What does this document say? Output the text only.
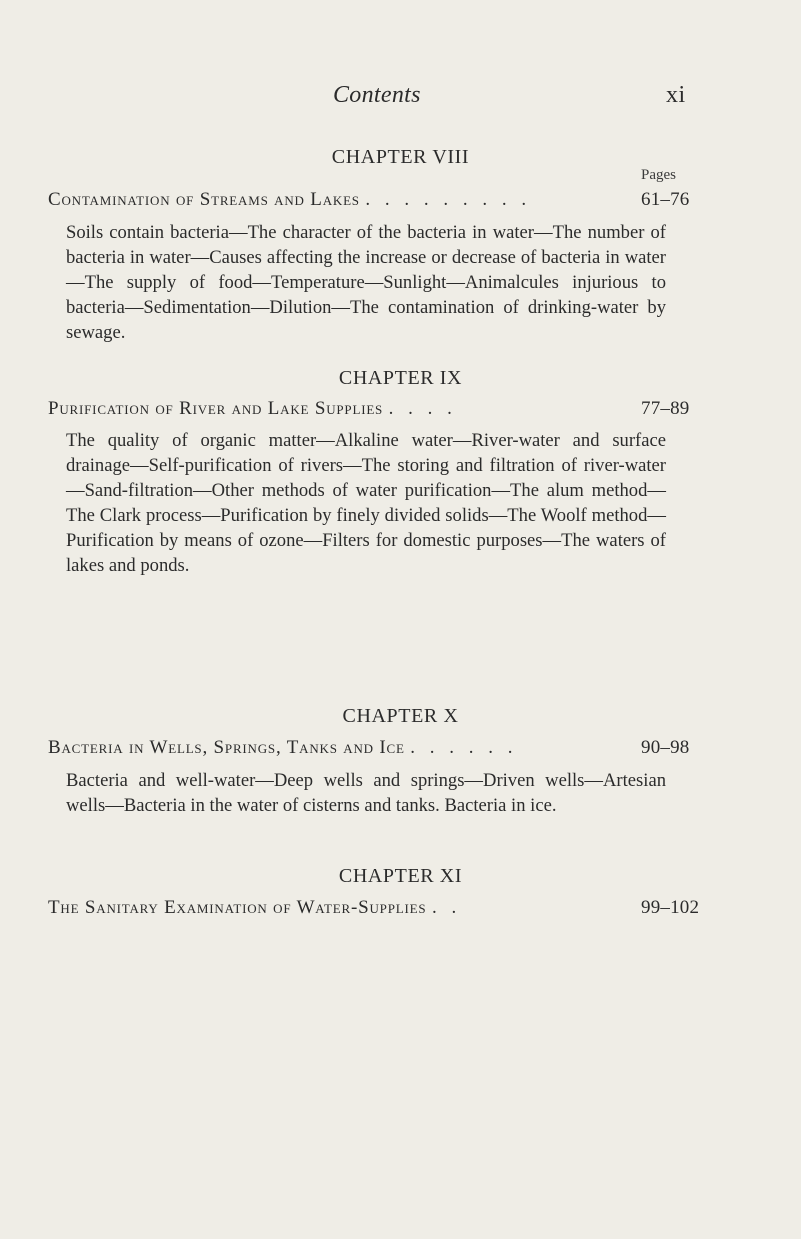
Contents	xi
CHAPTER VIII
Pages
Contamination of Streams and Lakes . . . . . . . . .	61–76
Soils contain bacteria—The character of the bacteria in water—The number of bacteria in water—Causes affecting the increase or decrease of bacteria in water—The supply of food—Temperature—Sunlight—Animalcules injurious to bacteria—Sedimentation—Dilution—The contamination of drinking-water by sewage.
CHAPTER IX
Purification of River and Lake Supplies . . . .	77–89
The quality of organic matter—Alkaline water—River-water and surface drainage—Self-purification of rivers—The storing and filtration of river-water—Sand-filtration—Other methods of water purification—The alum method—The Clark process—Purification by finely divided solids—The Woolf method—Purification by means of ozone—Filters for domestic purposes—The waters of lakes and ponds.
CHAPTER X
Bacteria in Wells, Springs, Tanks and Ice . . . . . .	90–98
Bacteria and well-water—Deep wells and springs—Driven wells—Artesian wells—Bacteria in the water of cisterns and tanks. Bacteria in ice.
CHAPTER XI
The Sanitary Examination of Water-Supplies . .	99–102
